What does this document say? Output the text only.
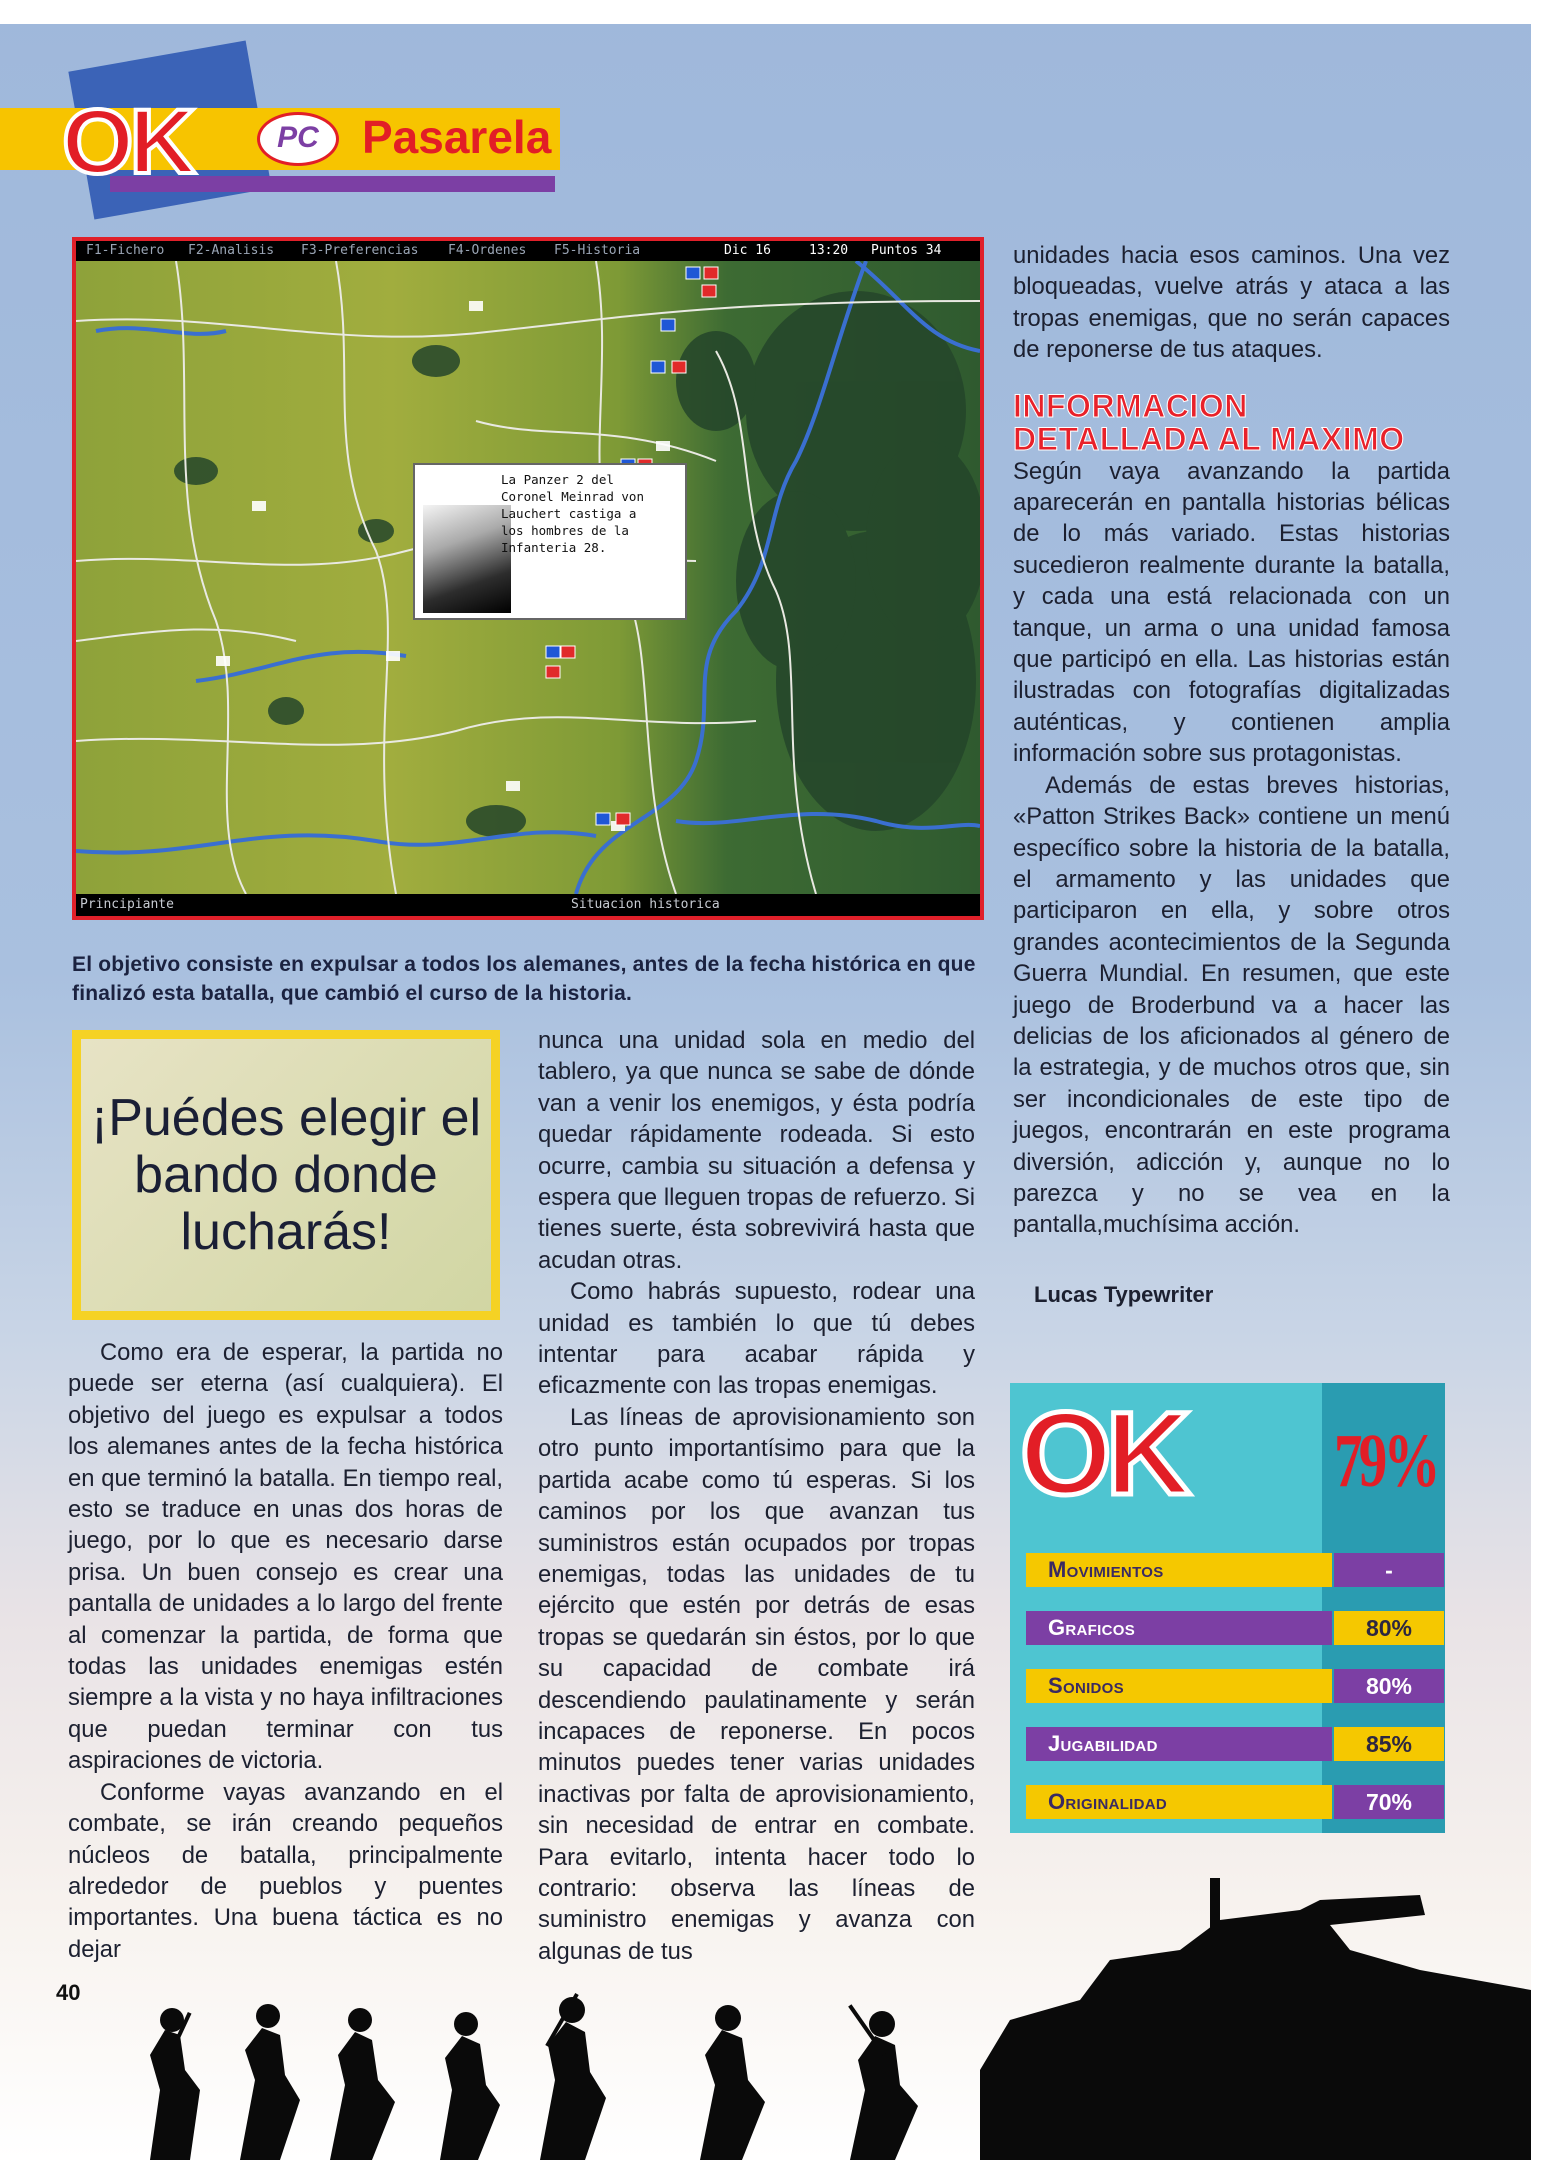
OK	PC Pasarela
F1-Fichero F2-Analisis F3-Preferencias F4-Ordenes F5-Historia	Dic 16	13:20 Puntos 34
La Panzer 2 del
Coronel Meinrad von
Lauchert castiga a
los hombres de la
Infanteria 28.
Principiante	Situacion historica
El objetivo consiste en expulsar a todos los alemanes, antes de la fecha histórica en que finalizó esta batalla, que cambió el curso de la historia.
¡Puédes elegir el bando donde lucharás!

Como era de esperar, la partida no puede ser eterna (así cualquiera). El objetivo del juego es expulsar a todos los alemanes antes de la fecha histórica en que terminó la batalla. En tiempo real, esto se traduce en unas dos horas de juego, por lo que es necesario darse prisa. Un buen consejo es crear una pantalla de unidades a lo largo del frente al comenzar la partida, de forma que todas las unidades enemigas estén siempre a la vista y no haya infiltraciones que puedan terminar con tus aspiraciones de victoria.

Conforme vayas avanzando en el combate, se irán creando pequeños núcleos de batalla, principalmente alrededor de pueblos y puentes importantes. Una buena táctica es no dejar

nunca una unidad sola en medio del tablero, ya que nunca se sabe de dónde van a venir los enemigos, y ésta podría quedar rápidamente rodeada. Si esto ocurre, cambia su situación a defensa y espera que lleguen tropas de refuerzo. Si tienes suerte, ésta sobrevivirá hasta que acudan otras.

Como habrás supuesto, rodear una unidad es también lo que tú debes intentar para acabar rápida y eficazmente con las tropas enemigas.

Las líneas de aprovisionamiento son otro punto importantísimo para que la partida acabe como tú esperas. Si los caminos por los que avanzan tus suministros están ocupados por tropas enemigas, todas las unidades de tu ejército que estén por detrás de esas tropas se quedarán sin éstos, por lo que su capacidad de combate irá descendiendo paulatinamente y serán incapaces de reponerse. En pocos minutos puedes tener varias unidades inactivas por falta de aprovisionamiento, sin necesidad de entrar en combate. Para evitarlo, intenta hacer todo lo contrario: observa las líneas de suministro enemigas y avanza con algunas de tus

unidades hacia esos caminos. Una vez bloqueadas, vuelve atrás y ataca a las tropas enemigas, que no serán capaces de reponerse de tus ataques.

INFORMACION
DETALLADA AL MAXIMO

Según vaya avanzando la partida aparecerán en pantalla historias bélicas de lo más variado. Estas historias sucedieron realmente durante la batalla, y cada una está relacionada con un tanque, un arma o una unidad famosa que participó en ella. Las historias están ilustradas con fotografías digitalizadas auténticas, y contienen amplia información sobre sus protagonistas.

Además de estas breves historias, «Patton Strikes Back» contiene un menú específico sobre la historia de la batalla, el armamento y las unidades que participaron en ella, y sobre otros grandes acontecimientos de la Segunda Guerra Mundial. En resumen, que este juego de Broderbund va a hacer las delicias de los aficionados al género de la estrategia, y de muchos otros que, sin ser incondicionales de este tipo de juegos, encontrarán en este programa diversión, adicción y, aunque no lo parezca y no se vea en la pantalla,muchísima acción.

Lucas Typewriter
OK 79%
Movimientos	-
Graficos	80%
Sonidos	80%
Jugabilidad	85%
Originalidad	70%
40
